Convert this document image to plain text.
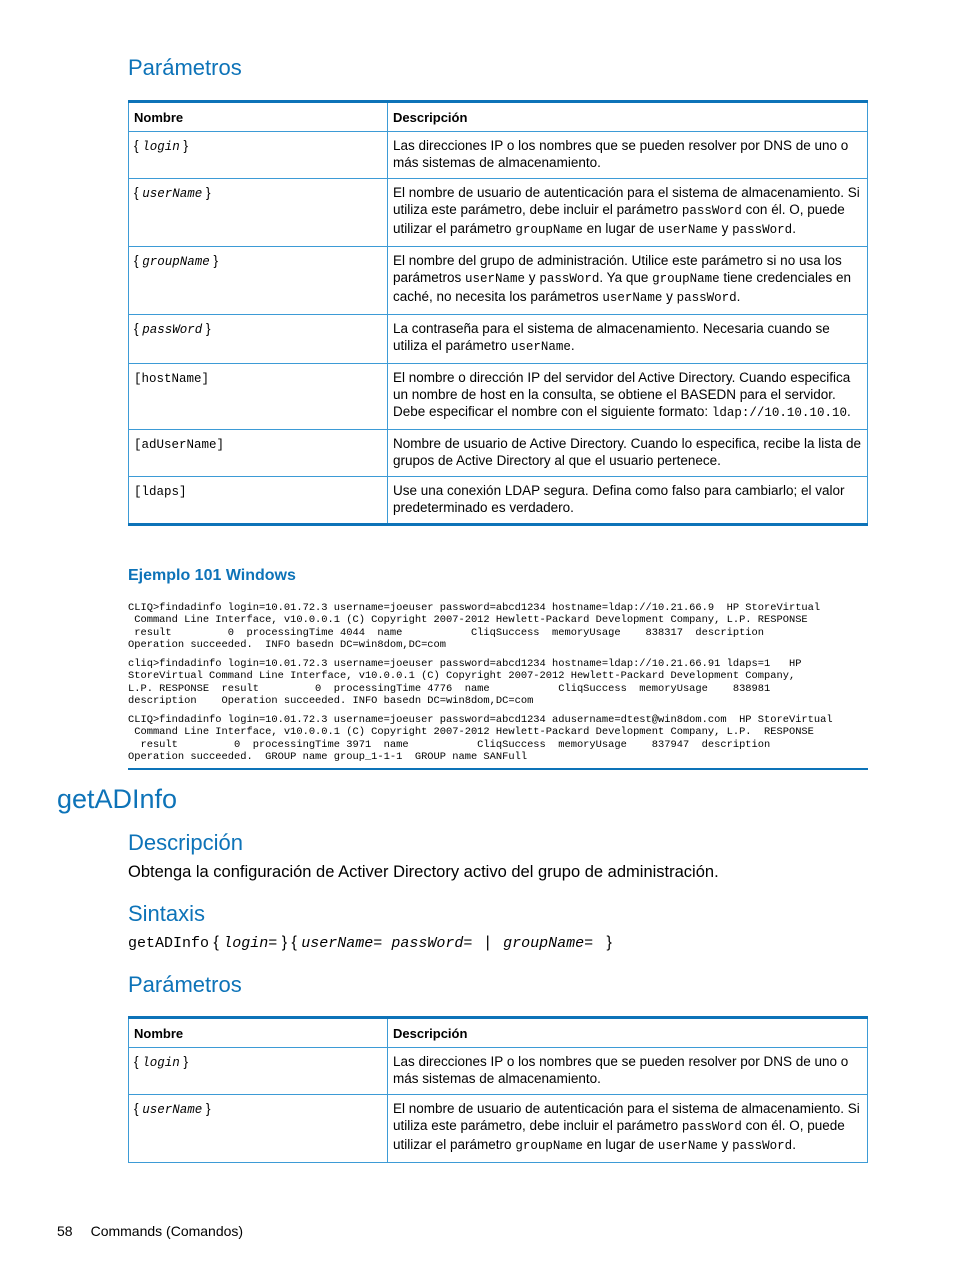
Parámetros
Nombre	Descripción
{ login }	Las direcciones IP o los nombres que se pueden resolver por DNS de uno o más sistemas de almacenamiento.
{ userName }	El nombre de usuario de autenticación para el sistema de almacenamiento. Si utiliza este parámetro, debe incluir el parámetro passWord con él. O, puede utilizar el parámetro groupName en lugar de userName y passWord.
{ groupName }	El nombre del grupo de administración. Utilice este parámetro si no usa los parámetros userName y passWord. Ya que groupName tiene credenciales en caché, no necesita los parámetros userName y passWord.
{ passWord }	La contraseña para el sistema de almacenamiento. Necesaria cuando se utiliza el parámetro userName.
[hostName]	El nombre o dirección IP del servidor del Active Directory. Cuando especifica un nombre de host en la consulta, se obtiene el BASEDN para el servidor. Debe especificar el nombre con el siguiente formato: ldap://10.10.10.10.
[adUserName]	Nombre de usuario de Active Directory. Cuando lo especifica, recibe la lista de grupos de Active Directory al que el usuario pertenece.
[ldaps]	Use una conexión LDAP segura. Defina como falso para cambiarlo; el valor predeterminado es verdadero.
Ejemplo 101 Windows
CLIQ>findadinfo login=10.01.72.3 username=joeuser password=abcd1234 hostname=ldap://10.21.66.9  HP StoreVirtual
Command Line Interface, v10.0.0.1 (C) Copyright 2007-2012 Hewlett-Packard Development Company, L.P. RESPONSE
result         0  processingTime 4044  name           CliqSuccess  memoryUsage    838317  description
Operation succeeded.  INFO basedn DC=win8dom,DC=com
cliq>findadinfo login=10.01.72.3 username=joeuser password=abcd1234 hostname=ldap://10.21.66.91 ldaps=1   HP
StoreVirtual Command Line Interface, v10.0.0.1 (C) Copyright 2007-2012 Hewlett-Packard Development Company,
L.P. RESPONSE  result         0  processingTime 4776  name           CliqSuccess  memoryUsage    838981
description    Operation succeeded. INFO basedn DC=win8dom,DC=com
CLIQ>findadinfo login=10.01.72.3 username=joeuser password=abcd1234 adusername=dtest@win8dom.com  HP StoreVirtual
Command Line Interface, v10.0.0.1 (C) Copyright 2007-2012 Hewlett-Packard Development Company, L.P.  RESPONSE
result         0  processingTime 3971  name           CliqSuccess  memoryUsage    837947  description
Operation succeeded.  GROUP name group_1-1-1  GROUP name SANFull
getADInfo
Descripción

Obtenga la configuración de Activer Directory activo del grupo de administración.

Sintaxis

getADInfo { login= } { userName= passWord=   |   groupName=   }

Parámetros
Nombre	Descripción
{ login }	Las direcciones IP o los nombres que se pueden resolver por DNS de uno o más sistemas de almacenamiento.
{ userName }	El nombre de usuario de autenticación para el sistema de almacenamiento. Si utiliza este parámetro, debe incluir el parámetro passWord con él. O, puede utilizar el parámetro groupName en lugar de userName y passWord.

58 Commands (Comandos)
